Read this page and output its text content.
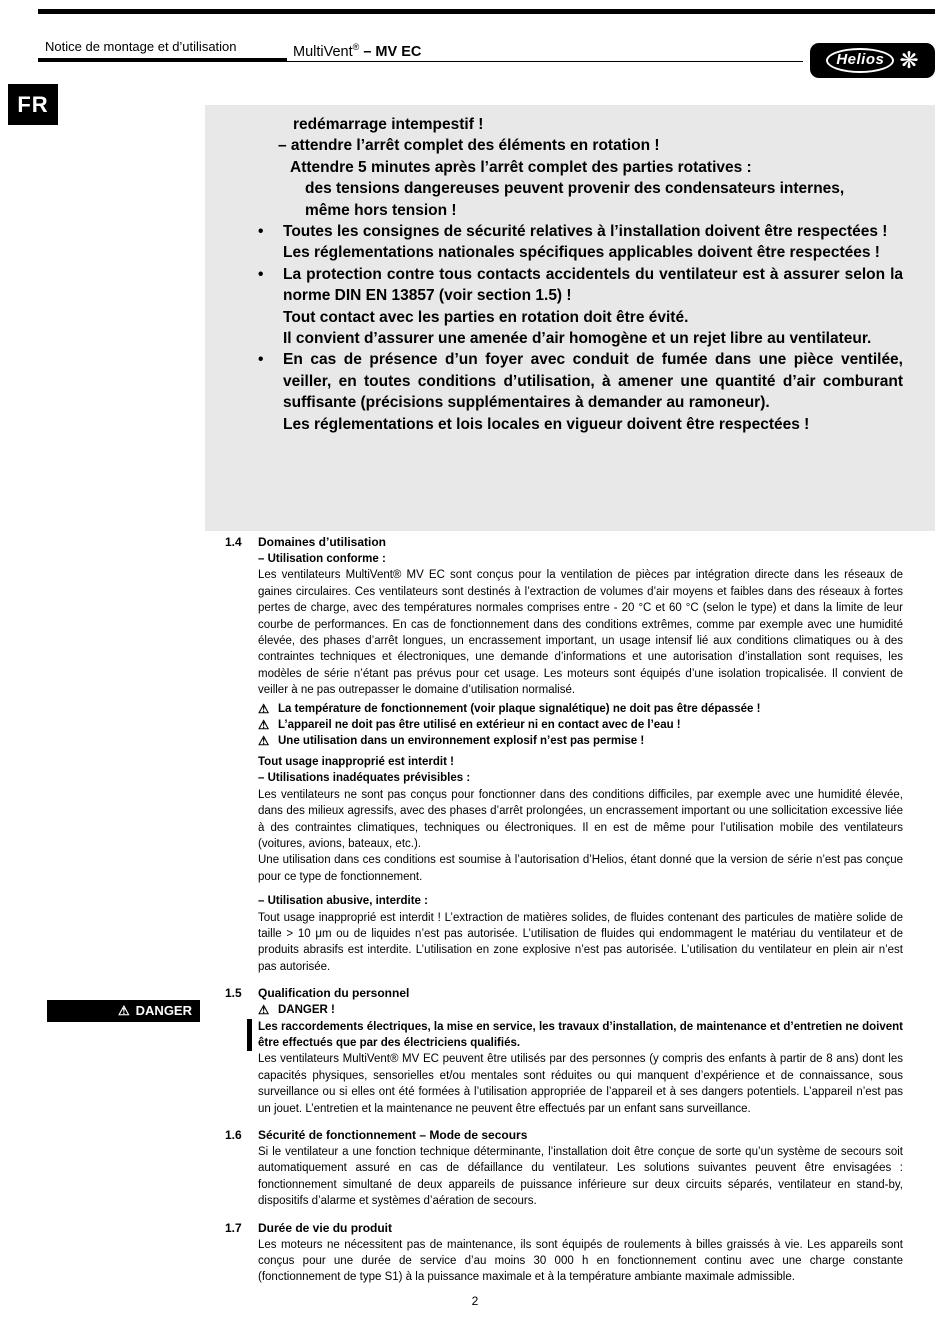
Notice de montage et d’utilisation	MultiVent® – MV EC	Helios ❋
FR
redémarrage intempestif !
– attendre l’arrêt complet des éléments en rotation !
Attendre 5 minutes après l’arrêt complet des parties rotatives :
des tensions dangereuses peuvent provenir des condensateurs internes, même hors tension !
•	Toutes les consignes de sécurité relatives à l’installation doivent être respectées !

Les réglementations nationales spécifiques applicables doivent être respectées !

•	La protection contre tous contacts accidentels du ventilateur est à assurer selon la norme DIN EN 13857 (voir section 1.5) !

Tout contact avec les parties en rotation doit être évité.

Il convient d’assurer une amenée d’air homogène et un rejet libre au ventilateur.

•	En cas de présence d’un foyer avec conduit de fumée dans une pièce ventilée, veiller, en toutes conditions d’utilisation, à amener une quantité d’air comburant suffisante (précisions supplémentaires à demander au ramoneur).

Les réglementations et lois locales en vigueur doivent être respectées !

1.4	Domaines d’utilisation

– Utilisation conforme :

Les ventilateurs MultiVent® MV EC sont conçus pour la ventilation de pièces par intégration directe dans les réseaux de gaines circulaires. Ces ventilateurs sont destinés à l’extraction de volumes d’air moyens et faibles dans des réseaux à fortes pertes de charge, avec des températures normales comprises entre - 20 °C et 60 °C (selon le type) et dans la limite de leur courbe de performances. En cas de fonctionnement dans des conditions extrêmes, comme par exemple avec une humidité élevée, des phases d’arrêt longues, un encrassement important, un usage intensif lié aux conditions climatiques ou à des contraintes techniques et électroniques, une demande d’informations et une autorisation d’installation sont requises, les modèles de série n’étant pas prévus pour cet usage. Les moteurs sont équipés d’une isolation tropicalisée. Il convient de veiller à ne pas outrepasser le domaine d’utilisation normalisé.

⚠ La température de fonctionnement (voir plaque signalétique) ne doit pas être dépassée !
⚠ L’appareil ne doit pas être utilisé en extérieur ni en contact avec de l’eau !
⚠ Une utilisation dans un environnement explosif n’est pas permise !

Tout usage inapproprié est interdit !

– Utilisations inadéquates prévisibles :

Les ventilateurs ne sont pas conçus pour fonctionner dans des conditions difficiles, par exemple avec une humidité élevée, dans des milieux agressifs, avec des phases d’arrêt prolongées, un encrassement important ou une sollicitation excessive liée à des contraintes climatiques, techniques ou électroniques. Il en est de même pour l’utilisation mobile des ventilateurs (voitures, avions, bateaux, etc.).

Une utilisation dans ces conditions est soumise à l’autorisation d’Helios, étant donné que la version de série n’est pas conçue pour ce type de fonctionnement.

– Utilisation abusive, interdite :

Tout usage inapproprié est interdit ! L’extraction de matières solides, de fluides contenant des particules de matière solide de taille > 10 μm ou de liquides n’est pas autorisée. L’utilisation de fluides qui endommagent le matériau du ventilateur et de produits abrasifs est interdite. L’utilisation en zone explosive n’est pas autorisée. L’utilisation du ventilateur en plein air n’est pas autorisée.

1.5	Qualification du personnel
⚠ DANGER	⚠ DANGER !

Les raccordements électriques, la mise en service, les travaux d’installation, de maintenance et d’entretien ne doivent être effectués que par des électriciens qualifiés.

Les ventilateurs MultiVent® MV EC peuvent être utilisés par des personnes (y compris des enfants à partir de 8 ans) dont les capacités physiques, sensorielles et/ou mentales sont réduites ou qui manquent d’expérience et de connaissance, sous surveillance ou si elles ont été formées à l’utilisation appropriée de l’appareil et à ses dangers potentiels. L’appareil n’est pas un jouet. L’entretien et la maintenance ne peuvent être effectués par un enfant sans surveillance.

1.6	Sécurité de fonctionnement – Mode de secours

Si le ventilateur a une fonction technique déterminante, l’installation doit être conçue de sorte qu’un système de secours soit automatiquement assuré en cas de défaillance du ventilateur. Les solutions suivantes peuvent être envisagées : fonctionnement simultané de deux appareils de puissance inférieure sur deux circuits séparés, ventilateur en stand-by, dispositifs d’alarme et systèmes d’aération de secours.

1.7	Durée de vie du produit

Les moteurs ne nécessitent pas de maintenance, ils sont équipés de roulements à billes graissés à vie. Les appareils sont conçus pour une durée de service d’au moins 30 000 h en fonctionnement continu avec une charge constante (fonctionnement de type S1) à la puissance maximale et à la température ambiante maximale admissible.

2
